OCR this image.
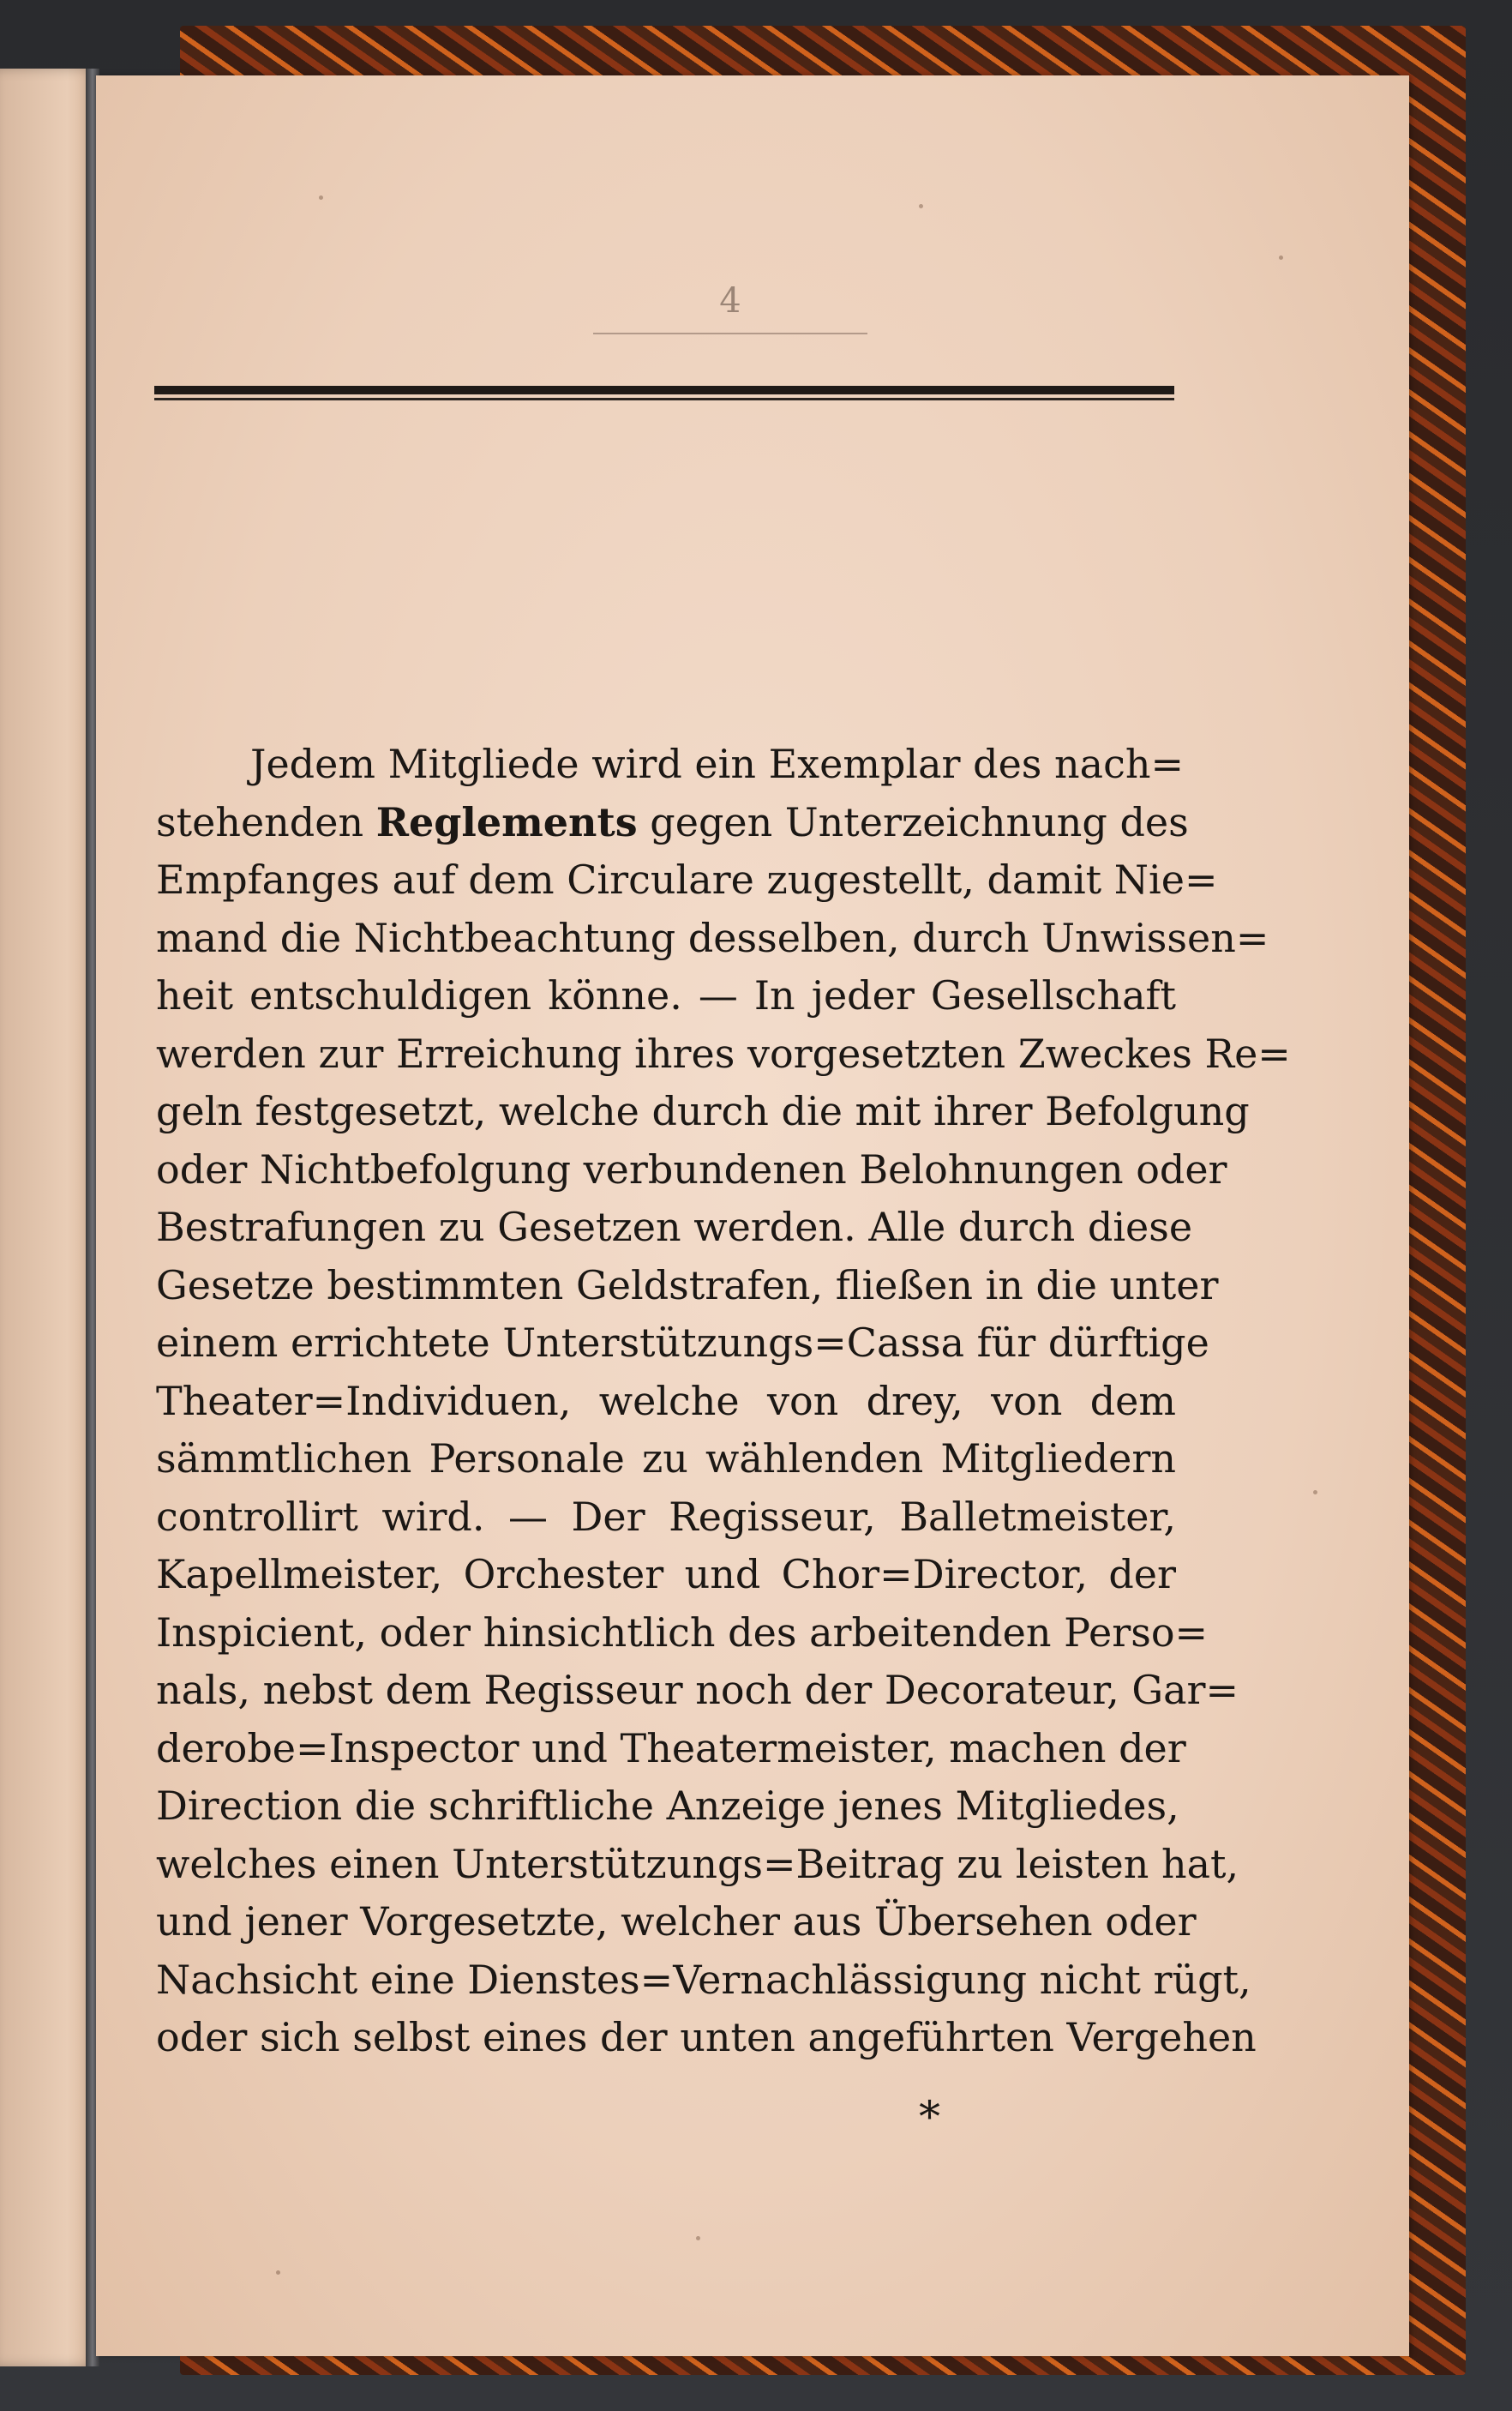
4
Jedem Mitgliede wird ein Exemplar des nach=
stehenden Reglements gegen Unterzeichnung des
Empfanges auf dem Circulare zugestellt, damit Nie=
mand die Nichtbeachtung desselben, durch Unwissen=
heit entschuldigen könne. — In jeder Gesellschaft
werden zur Erreichung ihres vorgesetzten Zweckes Re=
geln festgesetzt, welche durch die mit ihrer Befolgung
oder Nichtbefolgung verbundenen Belohnungen oder
Bestrafungen zu Gesetzen werden. Alle durch diese
Gesetze bestimmten Geldstrafen, fließen in die unter
einem errichtete Unterstützungs=Cassa für dürftige
Theater=Individuen, welche von drey, von dem
sämmtlichen Personale zu wählenden Mitgliedern
controllirt wird. — Der Regisseur, Balletmeister,
Kapellmeister, Orchester und Chor=Director, der
Inspicient, oder hinsichtlich des arbeitenden Perso=
nals, nebst dem Regisseur noch der Decorateur, Gar=
derobe=Inspector und Theatermeister, machen der
Direction die schriftliche Anzeige jenes Mitgliedes,
welches einen Unterstützungs=Beitrag zu leisten hat,
und jener Vorgesetzte, welcher aus Übersehen oder
Nachsicht eine Dienstes=Vernachlässigung nicht rügt,
oder sich selbst eines der unten angeführten Vergehen
*
